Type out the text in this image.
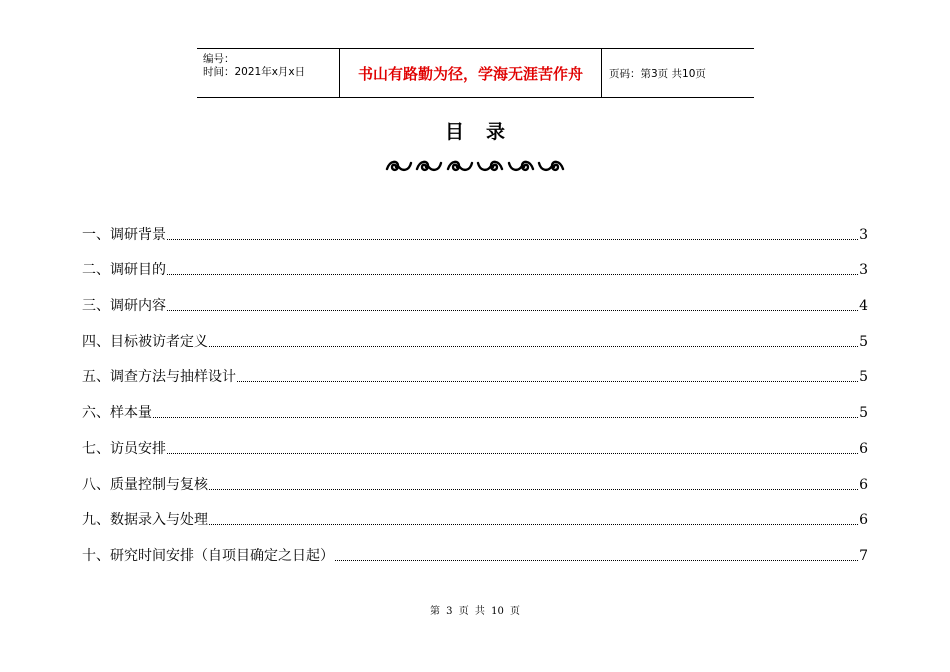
编号：
时间：2021年x月x日	书山有路勤为径，学海无涯苦作舟	页码：第3页 共10页
目录
一、调研背景	3
二、调研目的	3
三、调研内容	4
四、目标被访者定义	5
五、调查方法与抽样设计	5
六、样本量	5
七、访员安排	6
八、质量控制与复核	6
九、数据录入与处理	6
十、研究时间安排（自项目确定之日起）	7
第 3 页 共 10 页
